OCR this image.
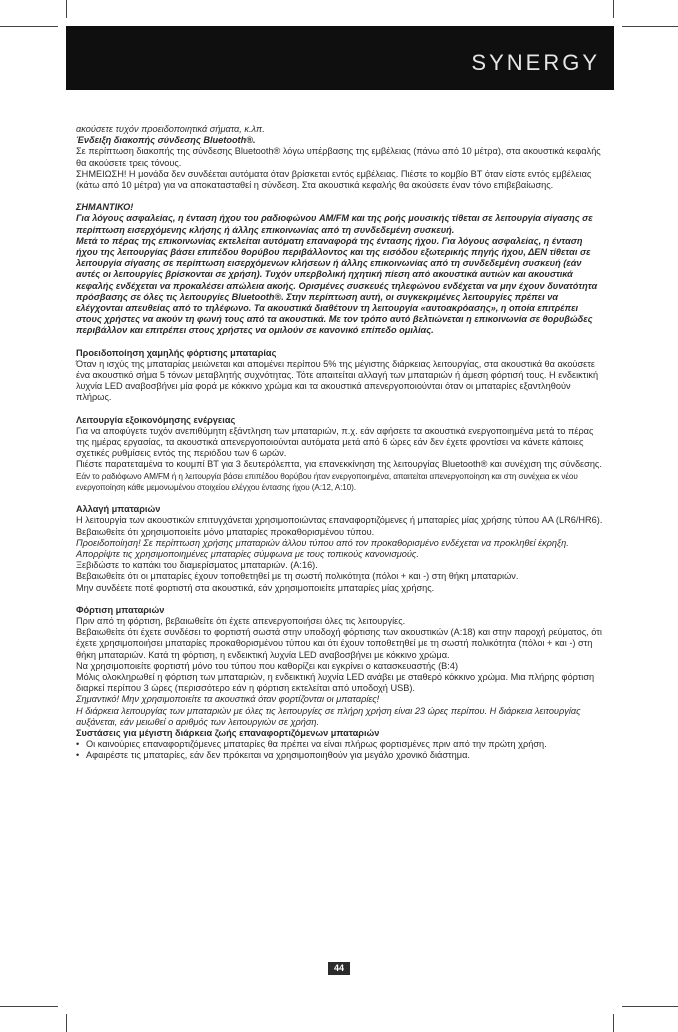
SYNERGY

ακούσετε τυχόν προειδοποιητικά σήματα, κ.λπ.

Ένδειξη διακοπής σύνδεσης Bluetooth®.

Σε περίπτωση διακοπής της σύνδεσης Bluetooth® λόγω υπέρβασης της εμβέλειας (πάνω από 10 μέτρα), στα ακουστικά κεφαλής θα ακούσετε τρεις τόνους.

ΣΗΜΕΙΩΣΗ! Η μονάδα δεν συνδέεται αυτόματα όταν βρίσκεται εντός εμβέλειας. Πιέστε το κομβίο BT όταν είστε εντός εμβέλειας (κάτω από 10 μέτρα) για να αποκατασταθεί η σύνδεση. Στα ακουστικά κεφαλής θα ακούσετε έναν τόνο επιβεβαίωσης.

ΣΗΜΑΝΤΙΚΟ!

Για λόγους ασφαλείας, η ένταση ήχου του ραδιοφώνου AM/FM και της ροής μουσικής τίθεται σε λειτουργία σίγασης σε περίπτωση εισερχόμενης κλήσης ή άλλης επικοινωνίας από τη συνδεδεμένη συσκευή.

Μετά το πέρας της επικοινωνίας εκτελείται αυτόματη επαναφορά της έντασης ήχου. Για λόγους ασφαλείας, η ένταση ήχου της λειτουργίας βάσει επιπέδου θορύβου περιβάλλοντος και της εισόδου εξωτερικής πηγής ήχου, ΔΕΝ τίθεται σε λειτουργία σίγασης σε περίπτωση εισερχόμενων κλήσεων ή άλλης επικοινωνίας από τη συνδεδεμένη συσκευή (εάν αυτές οι λειτουργίες βρίσκονται σε χρήση). Τυχόν υπερβολική ηχητική πίεση από ακουστικά αυτιών και ακουστικά κεφαλής ενδέχεται να προκαλέσει απώλεια ακοής. Ορισμένες συσκευές τηλεφώνου ενδέχεται να μην έχουν δυνατότητα πρόσβασης σε όλες τις λειτουργίες Bluetooth®. Στην περίπτωση αυτή, οι συγκεκριμένες λειτουργίες πρέπει να ελέγχονται απευθείας από το τηλέφωνο. Τα ακουστικά διαθέτουν τη λειτουργία «αυτοακρόασης», η οποία επιτρέπει στους χρήστες να ακούν τη φωνή τους από τα ακουστικά. Με τον τρόπο αυτό βελτιώνεται η επικοινωνία σε θορυβώδες περιβάλλον και επιτρέπει στους χρήστες να ομιλούν σε κανονικό επίπεδο ομιλίας.

Προειδοποίηση χαμηλής φόρτισης μπαταρίας

Όταν η ισχύς της μπαταρίας μειώνεται και απομένει περίπου 5% της μέγιστης διάρκειας λειτουργίας, στα ακουστικά θα ακούσετε ένα ακουστικό σήμα 5 τόνων μεταβλητής συχνότητας. Τότε απαιτείται αλλαγή των μπαταριών ή άμεση φόρτισή τους. Η ενδεικτική λυχνία LED αναβοσβήνει μία φορά με κόκκινο χρώμα και τα ακουστικά απενεργοποιούνται όταν οι μπαταρίες εξαντληθούν πλήρως.

Λειτουργία εξοικονόμησης ενέργειας

Για να αποφύγετε τυχόν ανεπιθύμητη εξάντληση των μπαταριών, π.χ. εάν αφήσετε τα ακουστικά ενεργοποιημένα μετά το πέρας της ημέρας εργασίας, τα ακουστικά απενεργοποιούνται αυτόματα μετά από 6 ώρες εάν δεν έχετε φροντίσει να κάνετε κάποιες σχετικές ρυθμίσεις εντός της περιόδου των 6 ωρών.

Πιέστε παρατεταμένα το κουμπί BT για 3 δευτερόλεπτα, για επανεκκίνηση της λειτουργίας Bluetooth® και συνέχιση της σύνδεσης.

Εάν το ραδιόφωνο AM/FM ή η λειτουργία βάσει επιπέδου θορύβου ήταν ενεργοποιημένα, απαιτείται απενεργοποίηση και στη συνέχεια εκ νέου ενεργοποίηση κάθε μεμονωμένου στοιχείου ελέγχου έντασης ήχου (A:12, A:10).

Αλλαγή μπαταριών

Η λειτουργία των ακουστικών επιτυγχάνεται χρησιμοποιώντας επαναφορτιζόμενες ή μπαταρίες μίας χρήσης τύπου AA (LR6/HR6). Βεβαιωθείτε ότι χρησιμοποιείτε μόνο μπαταρίες προκαθορισμένου τύπου.

Προειδοποίηση! Σε περίπτωση χρήσης μπαταριών άλλου τύπου από τον προκαθορισμένο ενδέχεται να προκληθεί έκρηξη. Απορρίψτε τις χρησιμοποιημένες μπαταρίες σύμφωνα με τους τοπικούς κανονισμούς.

Ξεβιδώστε το καπάκι του διαμερίσματος μπαταριών. (A:16).

Βεβαιωθείτε ότι οι μπαταρίες έχουν τοποθετηθεί με τη σωστή πολικότητα (πόλοι + και -) στη θήκη μπαταριών.

Μην συνδέετε ποτέ φορτιστή στα ακουστικά, εάν χρησιμοποιείτε μπαταρίες μίας χρήσης.

Φόρτιση μπαταριών

Πριν από τη φόρτιση, βεβαιωθείτε ότι έχετε απενεργοποιήσει όλες τις λειτουργίες.

Βεβαιωθείτε ότι έχετε συνδέσει το φορτιστή σωστά στην υποδοχή φόρτισης των ακουστικών (A:18) και στην παροχή ρεύματος, ότι έχετε χρησιμοποιήσει μπαταρίες προκαθορισμένου τύπου και ότι έχουν τοποθετηθεί με τη σωστή πολικότητα (πόλοι + και -) στη θήκη μπαταριών. Κατά τη φόρτιση, η ενδεικτική λυχνία LED αναβοσβήνει με κόκκινο χρώμα.

Να χρησιμοποιείτε φορτιστή μόνο του τύπου που καθορίζει και εγκρίνει ο κατασκευαστής (B:4)

Μόλις ολοκληρωθεί η φόρτιση των μπαταριών, η ενδεικτική λυχνία LED ανάβει με σταθερό κόκκινο χρώμα. Μια πλήρης φόρτιση διαρκεί περίπου 3 ώρες (περισσότερο εάν η φόρτιση εκτελείται από υποδοχή USB).

Σημαντικό! Μην χρησιμοποιείτε τα ακουστικά όταν φορτίζονται οι μπαταρίες!

Η διάρκεια λειτουργίας των μπαταριών με όλες τις λειτουργίες σε πλήρη χρήση είναι 23 ώρες περίπου. Η διάρκεια λειτουργίας αυξάνεται, εάν μειωθεί ο αριθμός των λειτουργιών σε χρήση.

Συστάσεις για μέγιστη διάρκεια ζωής επαναφορτιζόμενων μπαταριών

• Οι καινούριες επαναφορτιζόμενες μπαταρίες θα πρέπει να είναι πλήρως φορτισμένες πριν από την πρώτη χρήση.
• Αφαιρέστε τις μπαταρίες, εάν δεν πρόκειται να χρησιμοποιηθούν για μεγάλο χρονικό διάστημα.
44
